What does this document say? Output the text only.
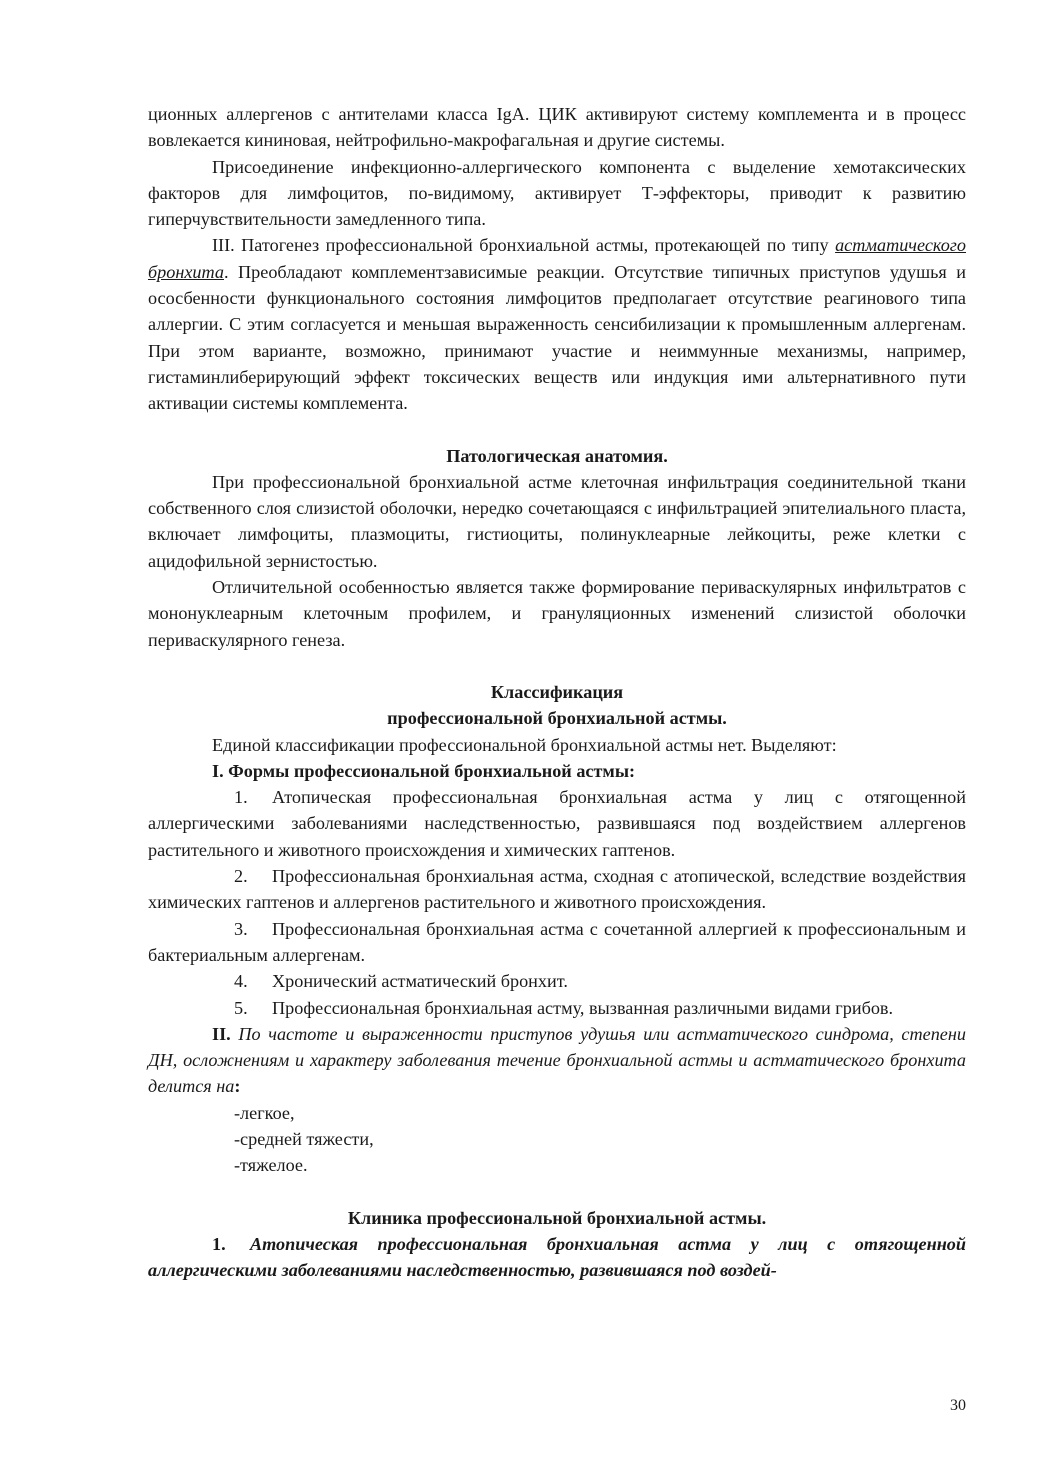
ционных аллергенов с антителами класса IgA. ЦИК активируют систему комплемента и в процесс вовлекается кининовая, нейтрофильно-макрофагальная и другие системы.

Присоединение инфекционно-аллергического компонента с выделение хемотаксических факторов для лимфоцитов, по-видимому, активирует Т-эффекторы, приводит к развитию гиперчувствительности замедленного типа.

III. Патогенез профессиональной бронхиальной астмы, протекающей по типу астматического бронхита. Преобладают комплементзависимые реакции. Отсутствие типичных приступов удушья и ососбенности функционального состояния лимфоцитов предполагает отсутствие реагинового типа аллергии. С этим согласуется и меньшая выраженность сенсибилизации к промышленным аллергенам. При этом варианте, возможно, принимают участие и неиммунные механизмы, например, гистаминлиберирующий эффект токсических веществ или индукция ими альтернативного пути активации системы комплемента.

Патологическая анатомия.

При профессиональной бронхиальной астме клеточная инфильтрация соединительной ткани собственного слоя слизистой оболочки, нередко сочетающаяся с инфильтрацией эпителиального пласта, включает лимфоциты, плазмоциты, гистиоциты, полинуклеарные лейкоциты, реже клетки с ацидофильной зернистостью.

Отличительной особенностью является также формирование периваскулярных инфильтратов с мононуклеарным клеточным профилем, и грануляционных изменений слизистой оболочки периваскулярного генеза.

Классификация

профессиональной бронхиальной астмы.

Единой классификации профессиональной бронхиальной астмы нет. Выделяют:

I. Формы профессиональной бронхиальной астмы:

1. Атопическая профессиональная бронхиальная астма у лиц с отягощенной аллергическими заболеваниями наследственностью, развившаяся под воздействием аллергенов растительного и животного происхождения и химических гаптенов.

2. Профессиональная бронхиальная астма, сходная с атопической, вследствие воздействия химических гаптенов и аллергенов растительного и животного происхождения.

3. Профессиональная бронхиальная астма с сочетанной аллергией к профессиональным и бактериальным аллергенам.

4. Хронический астматический бронхит.

5. Профессиональная бронхиальная астму, вызванная различными видами грибов.

II. По частоте и выраженности приступов удушья или астматического синдрома, степени ДН, осложнениям и характеру заболевания течение бронхиальной астмы и астматического бронхита делится на:

-легкое,

-средней тяжести,

-тяжелое.

Клиника профессиональной бронхиальной астмы.

1. Атопическая профессиональная бронхиальная астма у лиц с отягощенной аллергическими заболеваниями наследственностью, развившаяся под воздей-

30
